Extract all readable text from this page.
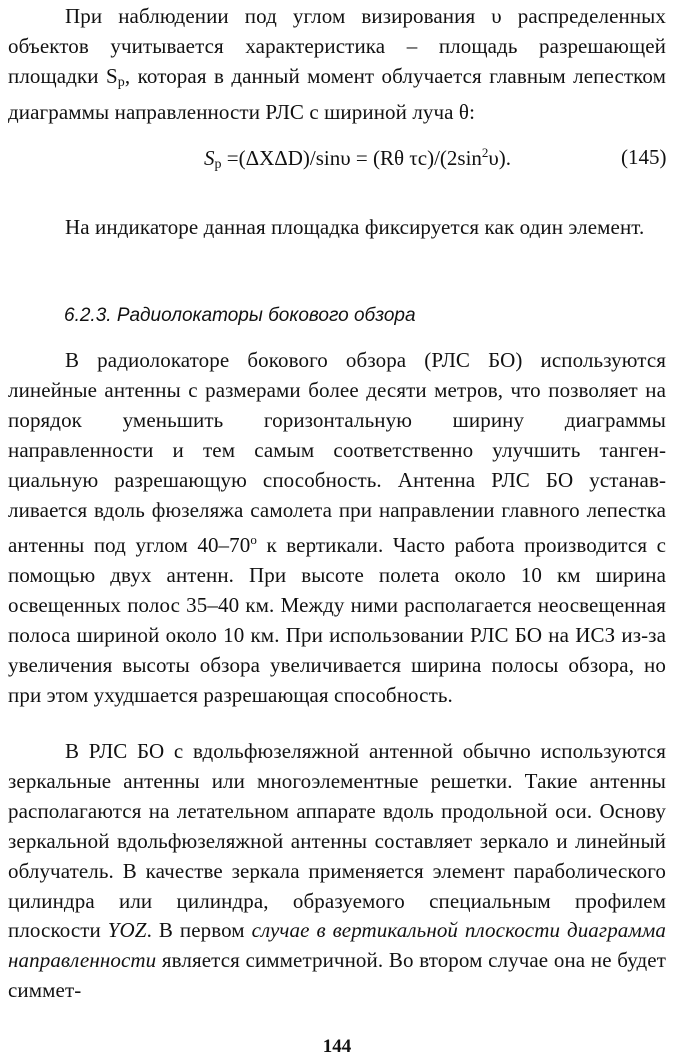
При наблюдении под углом визирования υ распределенных объектов учитывается характеристика – площадь разрешающей площадки $S_р$, которая в данный момент облучается главным лепестком диаграммы направленности РЛС с шириной луча θ:

$S_р =(\Delta X\Delta D)/\sin\upsilon = (R\theta$ $\tau c)/(2\sin^2\upsilon)$.	(145)

На индикаторе данная площадка фиксируется как один элемент.

6.2.3. Радиолокаторы бокового обзора

В радиолокаторе бокового обзора (РЛС БО) используются линейные антенны с размерами более десяти метров, что позволяет на порядок уменьшить горизонтальную ширину диаграммы направленности и тем самым соответственно улучшить тангенциальную разрешающую способность. Антенна РЛС БО устанавливается вдоль фюзеляжа самолета при направлении главного лепестка антенны под углом $40-70^о$ к вертикали. Часто работа производится с помощью двух антенн. При высоте полета около 10 км ширина освещенных полос 35–40 км. Между ними располагается неосвещенная полоса шириной около 10 км. При использовании РЛС БО на ИСЗ из-за увеличения высоты обзора увеличивается ширина полосы обзора, но при этом ухудшается разрешающая способность.

В РЛС БО с вдольфюзеляжной антенной обычно используются зеркальные антенны или многоэлементные решетки. Такие антенны располагаются на летательном аппарате вдоль продольной оси. Основу зеркальной вдольфюзеляжной антенны составляет зеркало и линейный облучатель. В качестве зеркала применяется элемент параболического цилиндра или цилиндра, образуемого специальным профилем плоскости YOZ. В первом случае в вертикальной плоскости диаграмма направленности является симметричной. Во втором случае она не будет симмет-

144
